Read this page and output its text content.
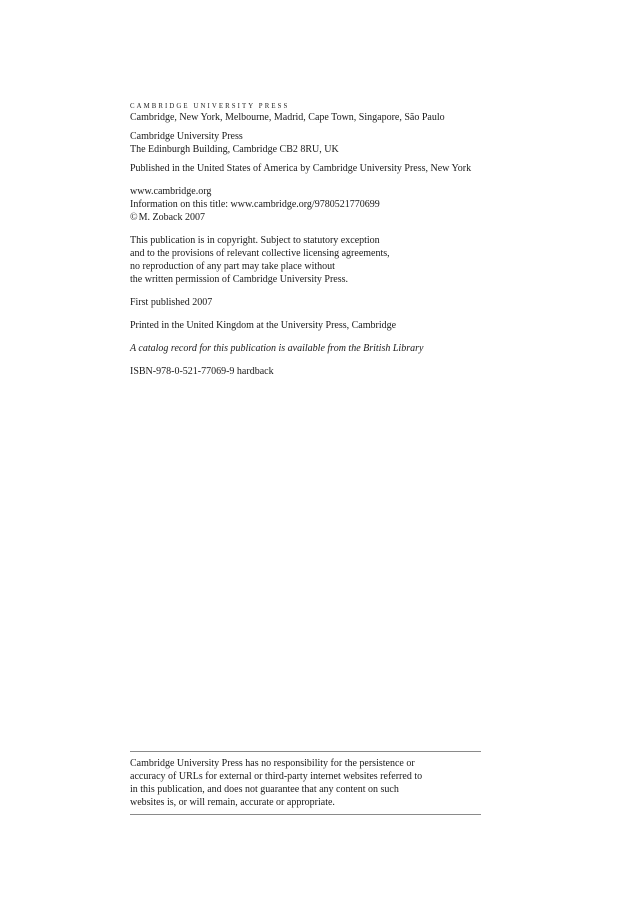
CAMBRIDGE UNIVERSITY PRESS

Cambridge, New York, Melbourne, Madrid, Cape Town, Singapore, São Paulo

Cambridge University Press

The Edinburgh Building, Cambridge CB2 8RU, UK

Published in the United States of America by Cambridge University Press, New York

www.cambridge.org

Information on this title: www.cambridge.org/9780521770699

©M. Zoback 2007

This publication is in copyright. Subject to statutory exception

and to the provisions of relevant collective licensing agreements,

no reproduction of any part may take place without

the written permission of Cambridge University Press.

First published 2007

Printed in the United Kingdom at the University Press, Cambridge

A catalog record for this publication is available from the British Library

ISBN-978-0-521-77069-9 hardback

Cambridge University Press has no responsibility for the persistence or

accuracy of URLs for external or third-party internet websites referred to

in this publication, and does not guarantee that any content on such

websites is, or will remain, accurate or appropriate.
